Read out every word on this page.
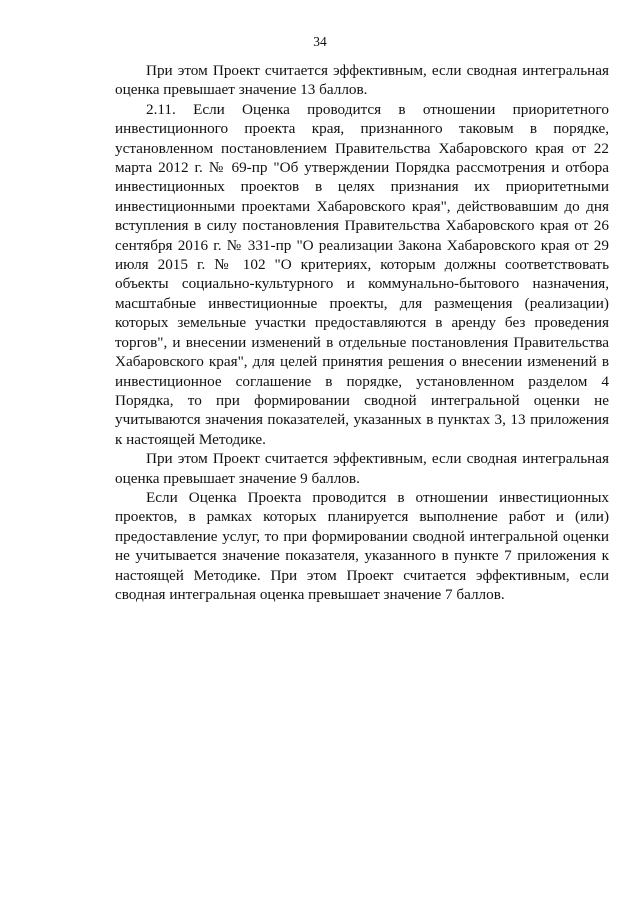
34

При этом Проект считается эффективным, если сводная интегральная оценка превышает значение 13 баллов.

2.11. Если Оценка проводится в отношении приоритетного инвестиционного проекта края, признанного таковым в порядке, установленном постановлением Правительства Хабаровского края от 22 марта 2012 г. № 69-пр "Об утверждении Порядка рассмотрения и отбора инвестиционных проектов в целях признания их приоритетными инвестиционными проектами Хабаровского края", действовавшим до дня вступления в силу постановления Правительства Хабаровского края от 26 сентября 2016 г. № 331-пр "О реализации Закона Хабаровского края от 29 июля 2015 г. № 102 "О критериях, которым должны соответствовать объекты социально-культурного и коммунально-бытового назначения, масштабные инвестиционные проекты, для размещения (реализации) которых земельные участки предоставляются в аренду без проведения торгов", и внесении изменений в отдельные постановления Правительства Хабаровского края", для целей принятия решения о внесении изменений в инвестиционное соглашение в порядке, установленном разделом 4 Порядка, то при формировании сводной интегральной оценки не учитываются значения показателей, указанных в пунктах 3, 13 приложения к настоящей Методике.

При этом Проект считается эффективным, если сводная интегральная оценка превышает значение 9 баллов.

Если Оценка Проекта проводится в отношении инвестиционных проектов, в рамках которых планируется выполнение работ и (или) предоставление услуг, то при формировании сводной интегральной оценки не учитывается значение показателя, указанного в пункте 7 приложения к настоящей Методике. При этом Проект считается эффективным, если сводная интегральная оценка превышает значение 7 баллов.
